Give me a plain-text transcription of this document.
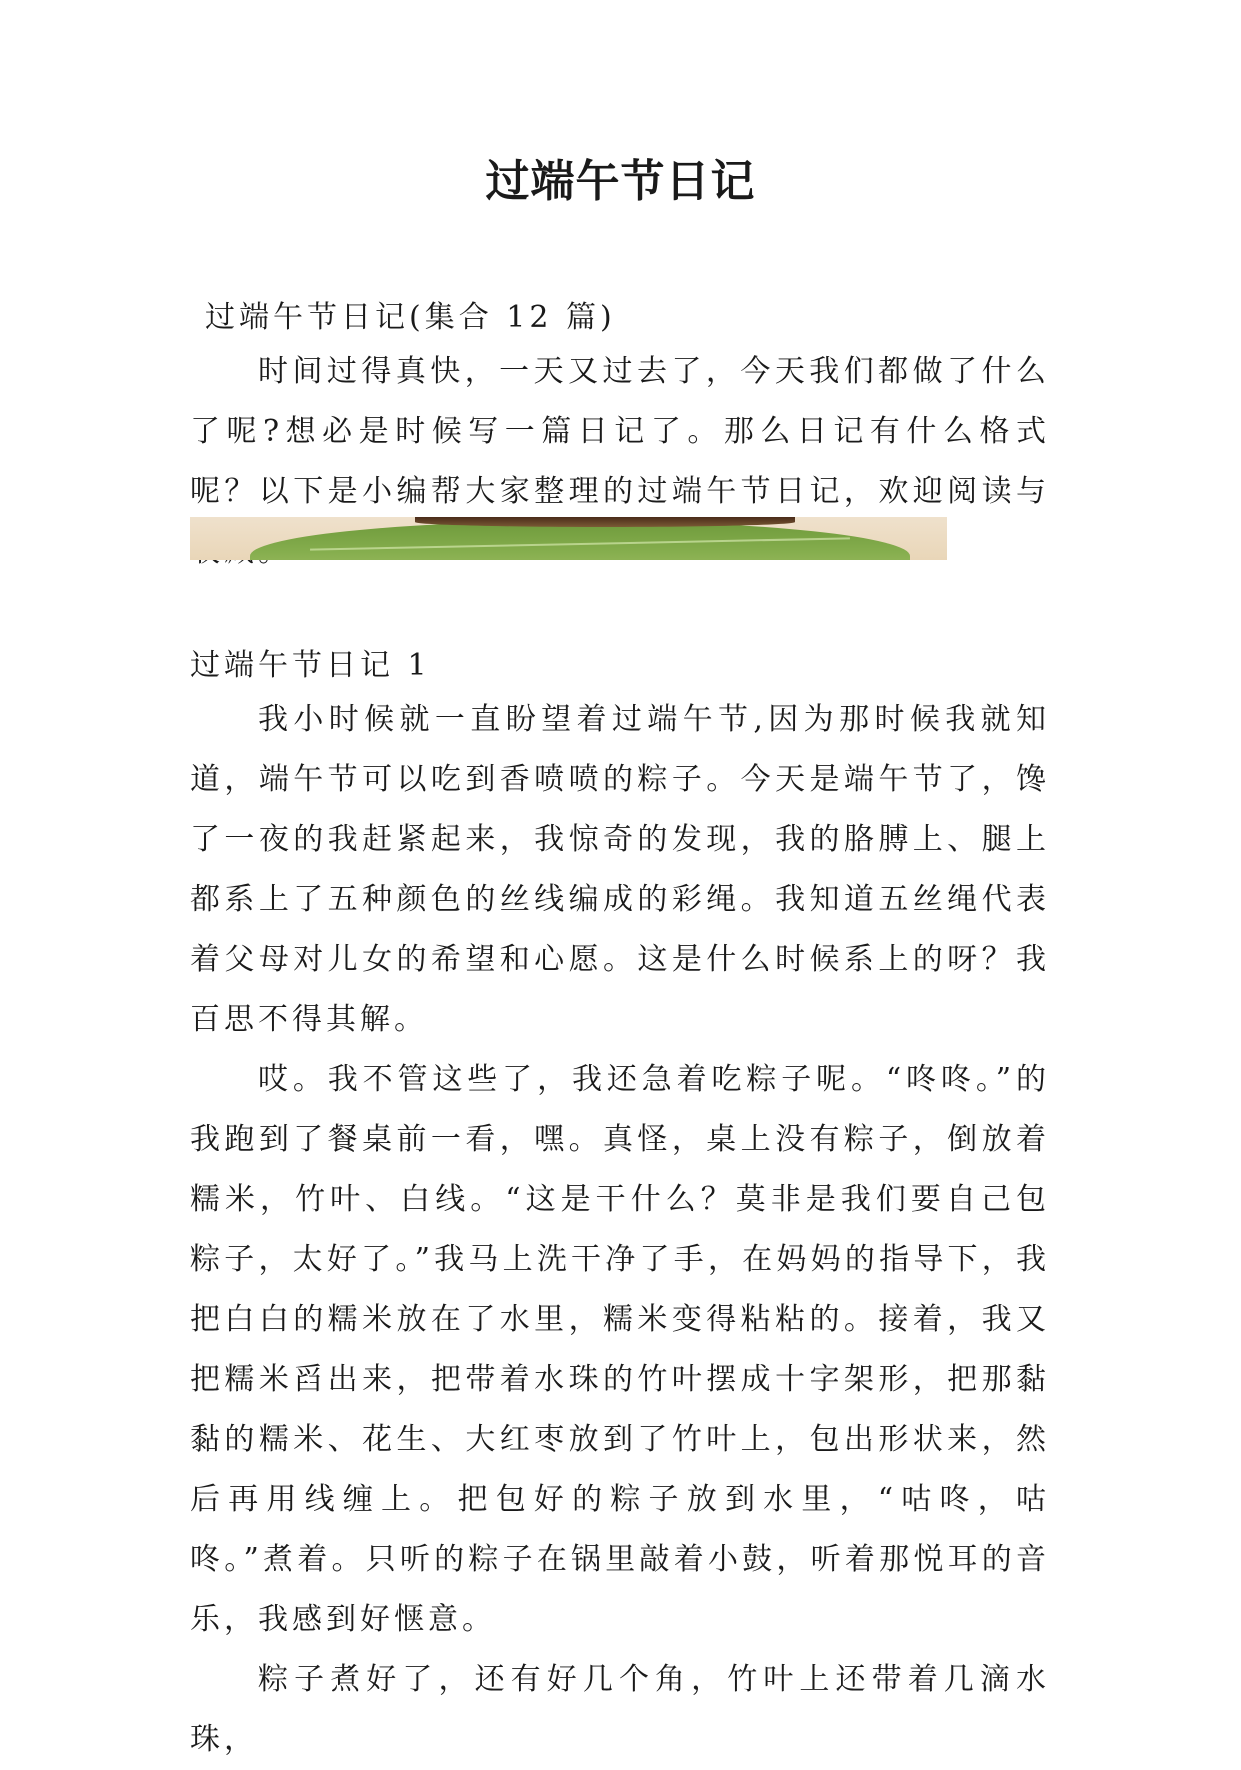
过端午节日记

过端午节日记(集合 12 篇)

时间过得真快，一天又过去了，今天我们都做了什么了呢?想必是时候写一篇日记了。那么日记有什么格式呢？以下是小编帮大家整理的过端午节日记，欢迎阅读与

过端午节日记 1

我小时候就一直盼望着过端午节,因为那时候我就知道，端午节可以吃到香喷喷的粽子。今天是端午节了，馋了一夜的我赶紧起来，我惊奇的发现，我的胳膊上、腿上都系上了五种颜色的丝线编成的彩绳。我知道五丝绳代表着父母对儿女的希望和心愿。这是什么时候系上的呀？我百思不得其解。

哎。我不管这些了，我还急着吃粽子呢。“咚咚。”的我跑到了餐桌前一看，嘿。真怪，桌上没有粽子，倒放着糯米，竹叶、白线。“这是干什么？莫非是我们要自己包粽子，太好了。”我马上洗干净了手，在妈妈的指导下，我把白白的糯米放在了水里，糯米变得粘粘的。接着，我又把糯米舀出来，把带着水珠的竹叶摆成十字架形，把那黏黏的糯米、花生、大红枣放到了竹叶上，包出形状来，然后再用线缠上。把包好的粽子放到水里，“咕咚，咕咚。”煮着。只听的粽子在锅里敲着小鼓，听着那悦耳的音乐，我感到好惬意。

粽子煮好了，还有好几个角，竹叶上还带着几滴水珠，
